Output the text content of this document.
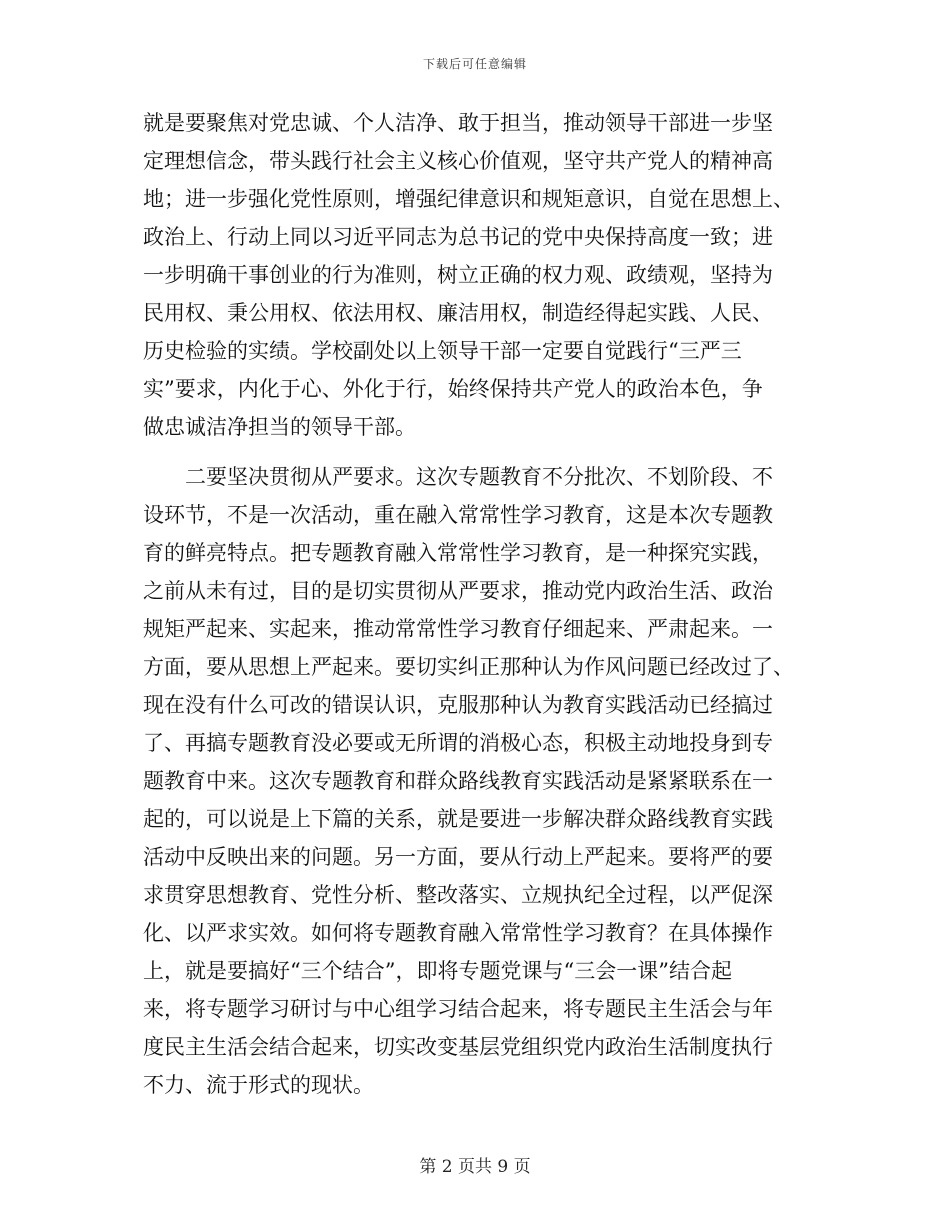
下载后可任意编辑
就是要聚焦对党忠诚、个人洁净、敢于担当，推动领导干部进一步坚
定理想信念，带头践行社会主义核心价值观，坚守共产党人的精神高
地；进一步强化党性原则，增强纪律意识和规矩意识，自觉在思想上、
政治上、行动上同以习近平同志为总书记的党中央保持高度一致；进
一步明确干事创业的行为准则，树立正确的权力观、政绩观，坚持为
民用权、秉公用权、依法用权、廉洁用权，制造经得起实践、人民、
历史检验的实绩。学校副处以上领导干部一定要自觉践行“三严三
实”要求，内化于心、外化于行，始终保持共产党人的政治本色，争
做忠诚洁净担当的领导干部。
二要坚决贯彻从严要求。这次专题教育不分批次、不划阶段、不
设环节，不是一次活动，重在融入常常性学习教育，这是本次专题教
育的鲜亮特点。把专题教育融入常常性学习教育，是一种探究实践，
之前从未有过，目的是切实贯彻从严要求，推动党内政治生活、政治
规矩严起来、实起来，推动常常性学习教育仔细起来、严肃起来。一
方面，要从思想上严起来。要切实纠正那种认为作风问题已经改过了、
现在没有什么可改的错误认识，克服那种认为教育实践活动已经搞过
了、再搞专题教育没必要或无所谓的消极心态，积极主动地投身到专
题教育中来。这次专题教育和群众路线教育实践活动是紧紧联系在一
起的，可以说是上下篇的关系，就是要进一步解决群众路线教育实践
活动中反映出来的问题。另一方面，要从行动上严起来。要将严的要
求贯穿思想教育、党性分析、整改落实、立规执纪全过程，以严促深
化、以严求实效。如何将专题教育融入常常性学习教育？在具体操作
上，就是要搞好“三个结合”，即将专题党课与“三会一课”结合起
来，将专题学习研讨与中心组学习结合起来，将专题民主生活会与年
度民主生活会结合起来，切实改变基层党组织党内政治生活制度执行
不力、流于形式的现状。
第 2 页共 9 页
